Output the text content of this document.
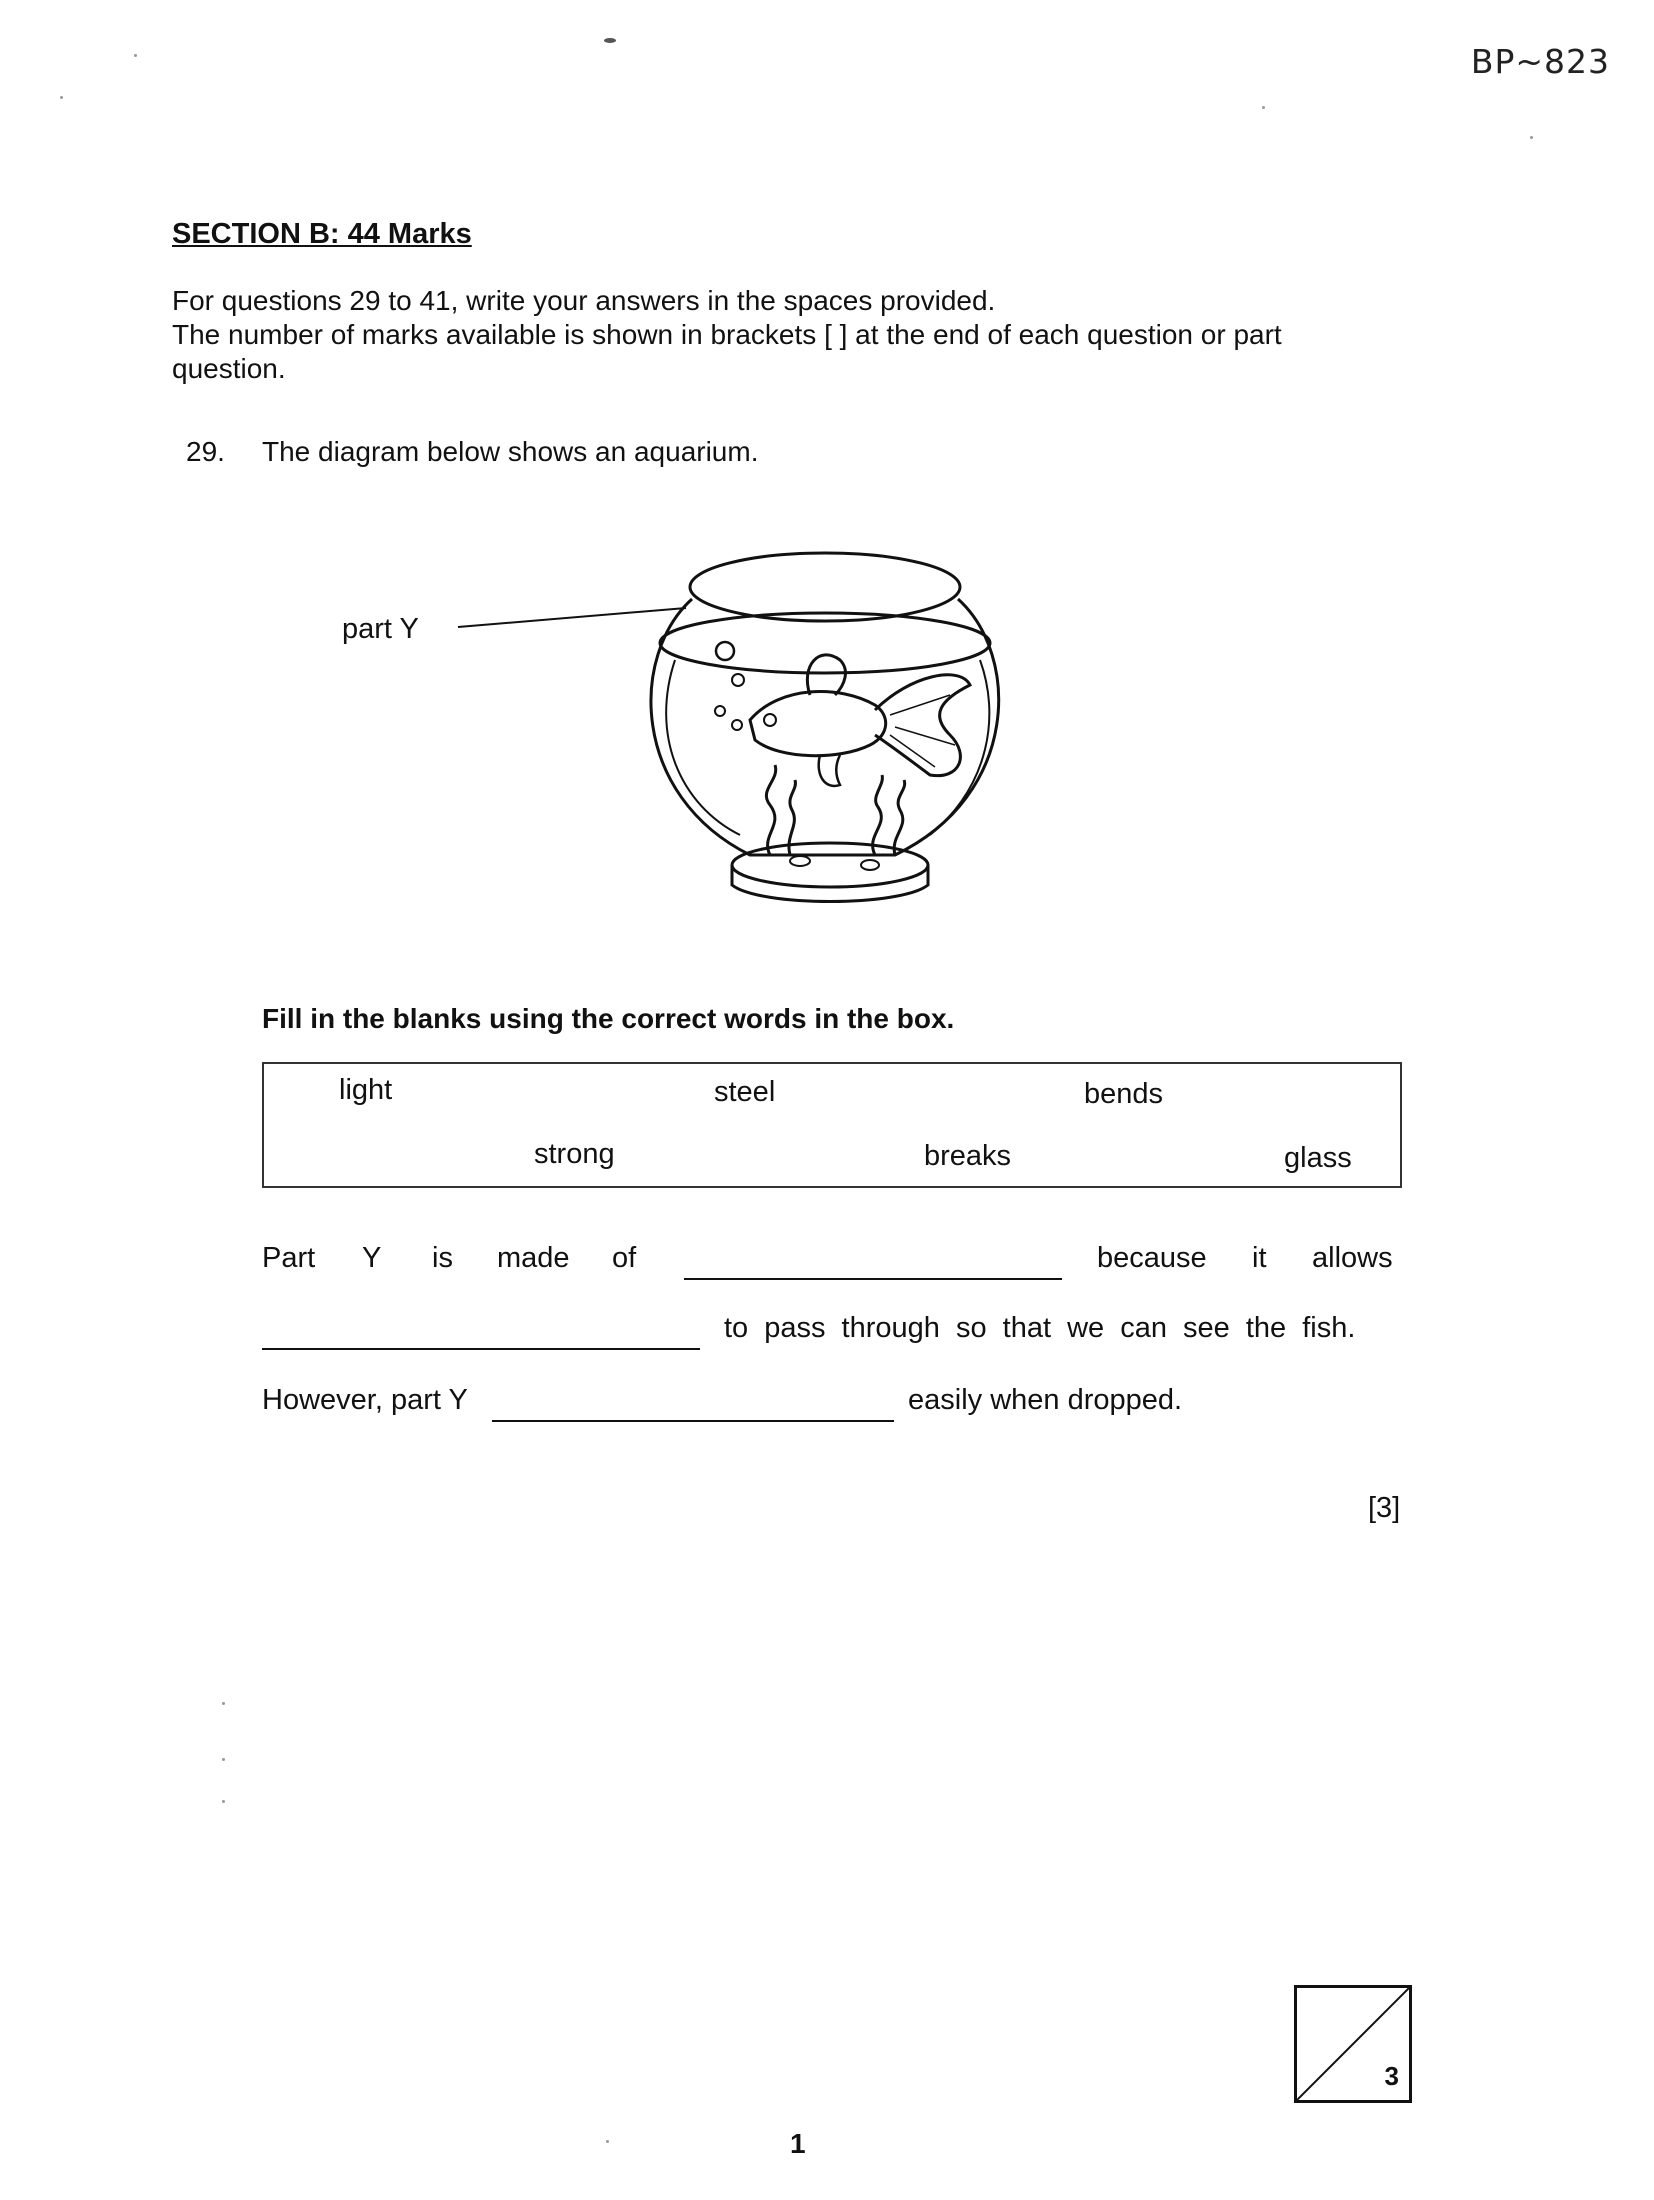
BP~823
SECTION B: 44 Marks
For questions 29 to 41, write your answers in the spaces provided.
The number of marks available is shown in brackets [ ] at the end of each question or part
question.
29. The diagram below shows an aquarium.
part Y
Fill in the blanks using the correct words in the box.
light	steel	bends
strong	breaks	glass
Part Y is made of	because it allows
to pass through so that we can see the fish.
However, part Y	easily when dropped.
[3]
3
1
